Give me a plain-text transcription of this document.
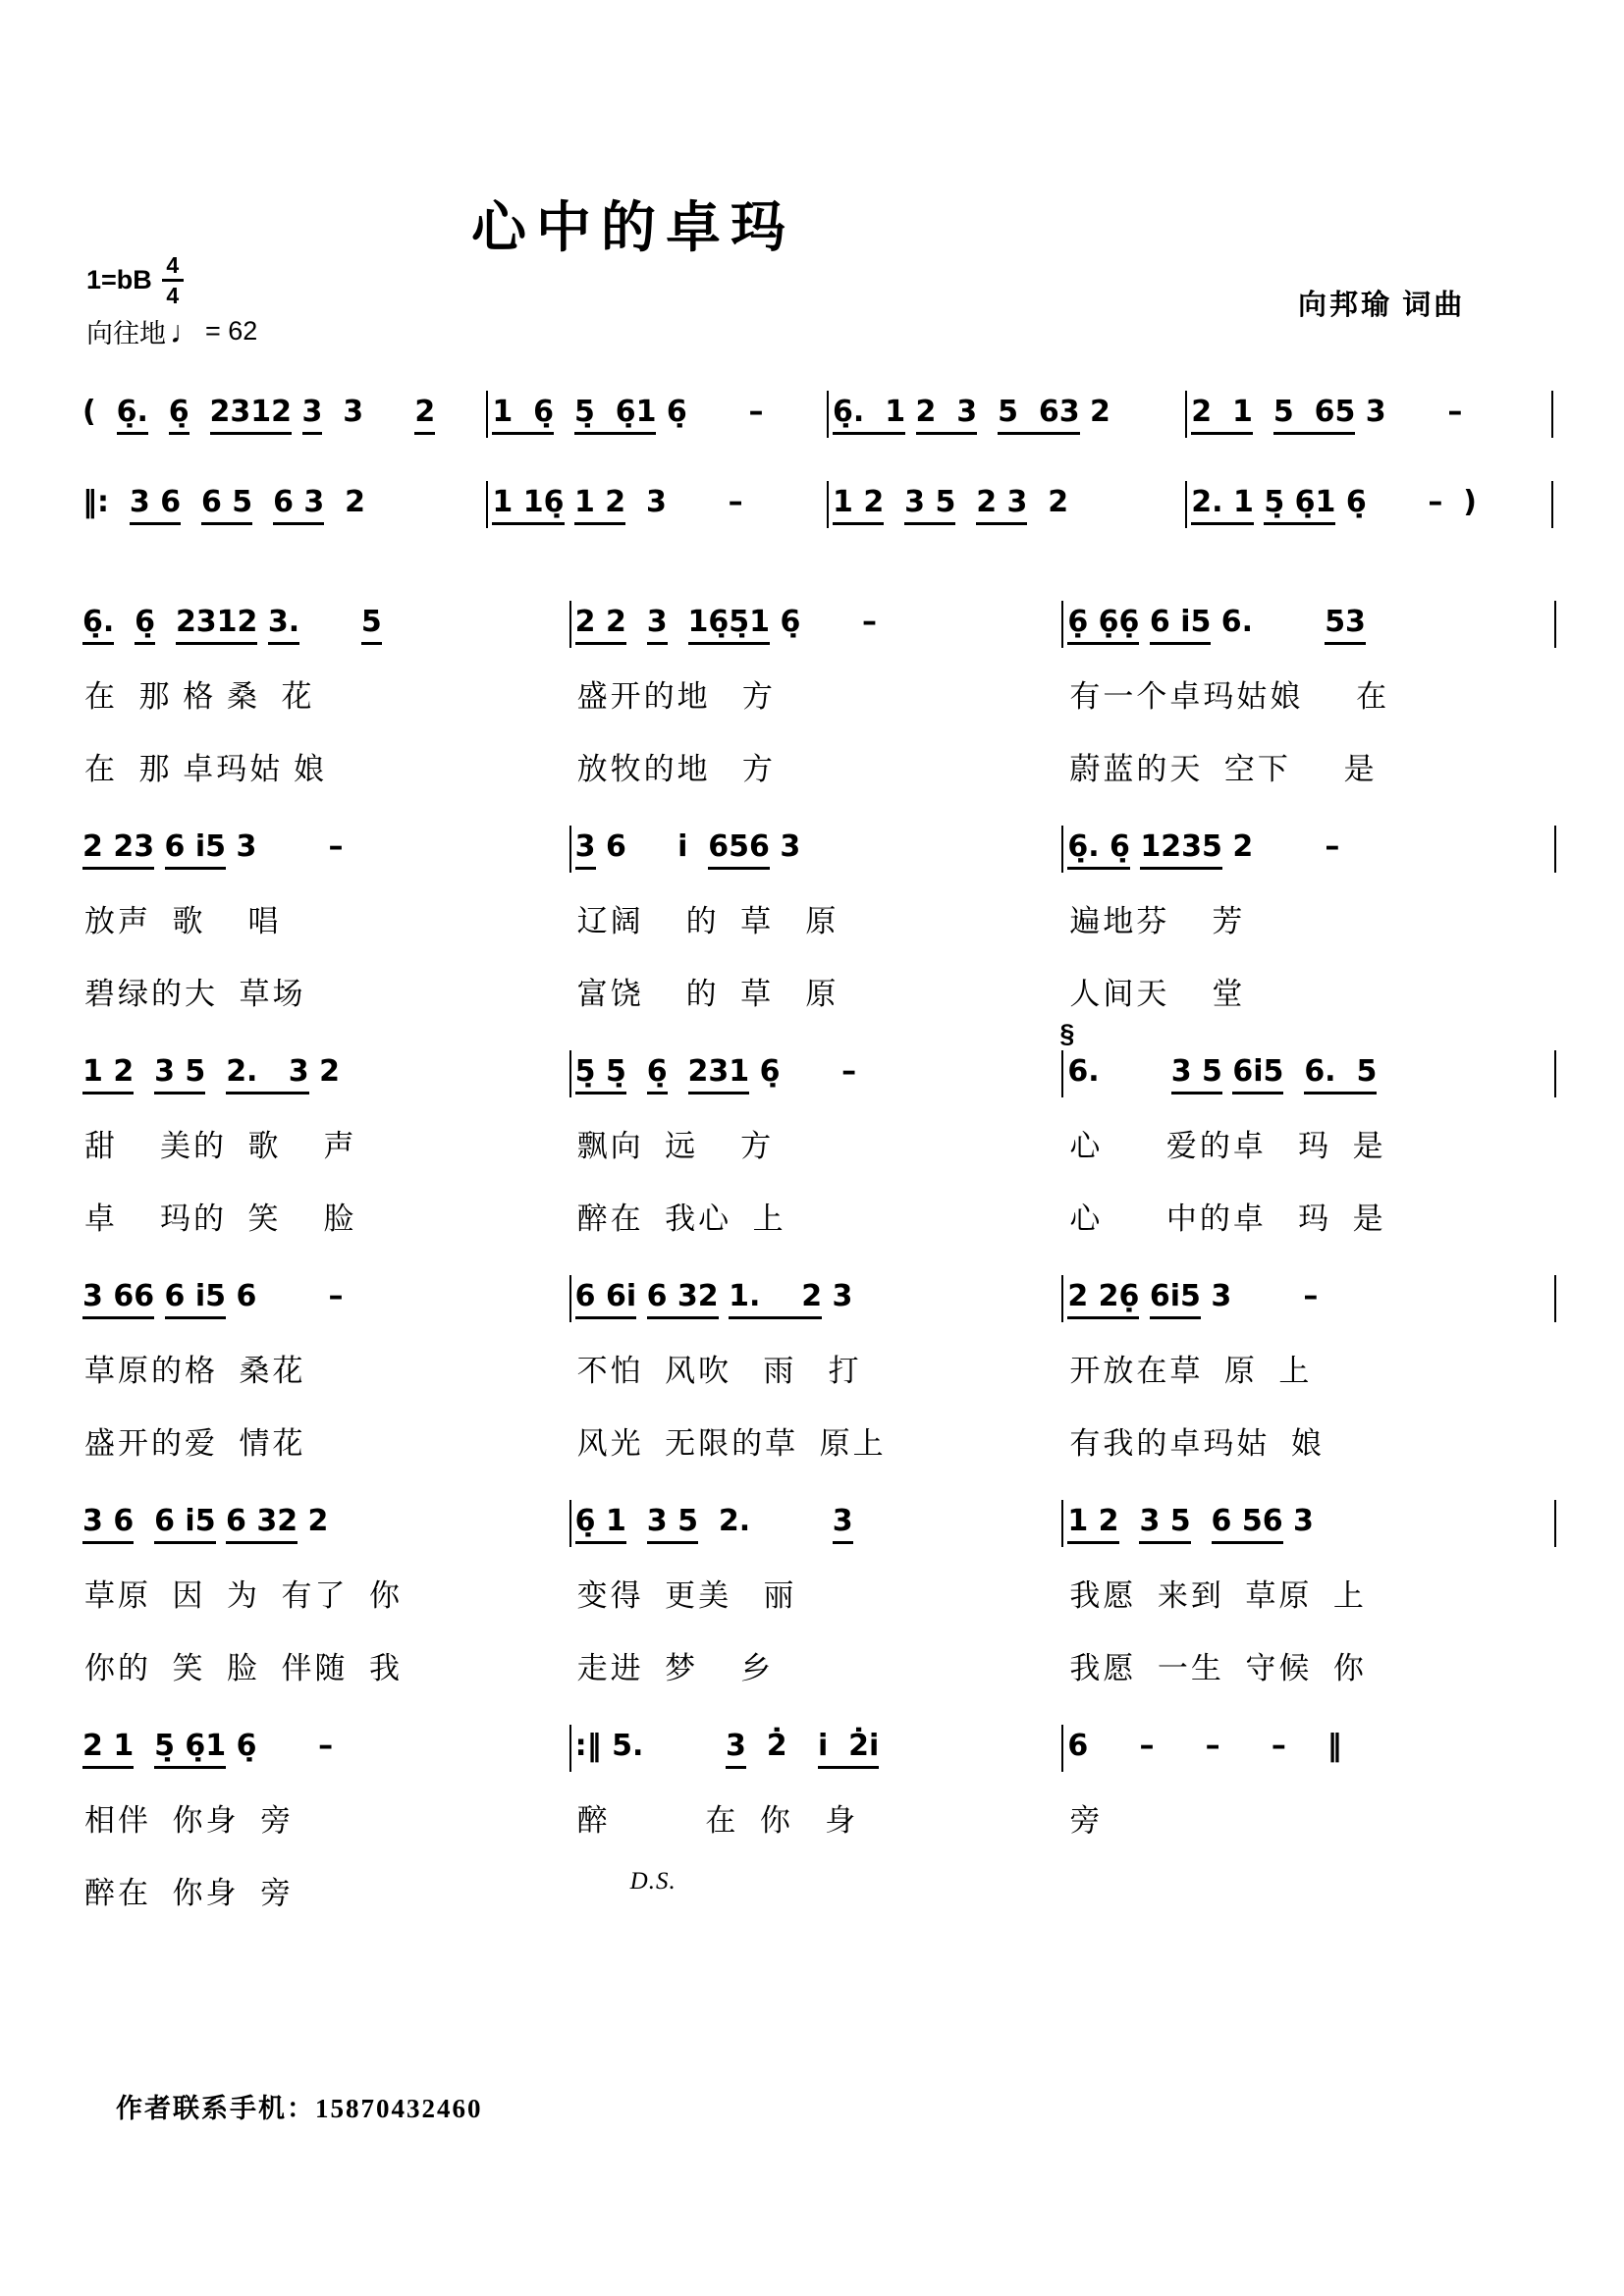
心中的卓玛
$1=bB \frac{4}{4}$
向往地 ♩ = 62
向邦瑜 词曲
(  6̣. 6̣ 2312 3  3     2	1  6̣ 5̣  6̣1 6̣      –	6̣.  1 2  3 5  63 2	2  1 5  65 3      –
‖:  3 6 6 5 6 3  2	1 16̣ 1 2  3      –	1 2 3 5 2 3  2	2. 1 5̣ 6̣1 6̣      –  )
6̣. 6̣ 2312 3. 5
在  那 格 桑  花
在  那 卓玛姑 娘
2 2 3 16̣5̣1 6̣      –
盛开的地   方
放牧的地   方
6̣ 6̣6̣ 6 i5 6.       53
有一个卓玛姑娘     在
蔚蓝的天  空下     是
2 23 6 i5 3       –
放声  歌    唱
碧绿的大  草场
3 6     i  656 3
辽阔    的  草   原
富饶    的  草   原
6̣. 6̣ 1235 2       –
遍地芬    芳
人间天    堂
1 2 3 5 2.   3 2
甜    美的  歌    声
卓    玛的  笑    脸
5̣ 5̣ 6̣ 231 6̣      –
飘向  远    方
醉在  我心  上
§
6.       3 5 6i5 6.  5
心      爱的卓   玛  是
心      中的卓   玛  是
3 66 6 i5 6       –
草原的格  桑花
盛开的爱  情花
6 6i 6 32 1.    2 3
不怕  风吹   雨   打
风光  无限的草  原上
2 26̣ 6i5 3       –
开放在草  原  上
有我的卓玛姑  娘
3 6 6 i5 6 32 2
草原  因  为  有了  你
你的  笑  脸  伴随  我
6̣ 1 3 5  2.        3
变得  更美   丽
走进  梦    乡
1 2 3 5 6 56 3
我愿  来到  草原  上
我愿  一生  守候  你
2 1 5̣ 6̣1 6̣      –
相伴  你身  旁
醉在  你身  旁
:‖ 5.        3  2̇   i  2̇i
醉         在  你   身
D.S.
6     –     –     –    ‖
旁
作者联系手机：15870432460
